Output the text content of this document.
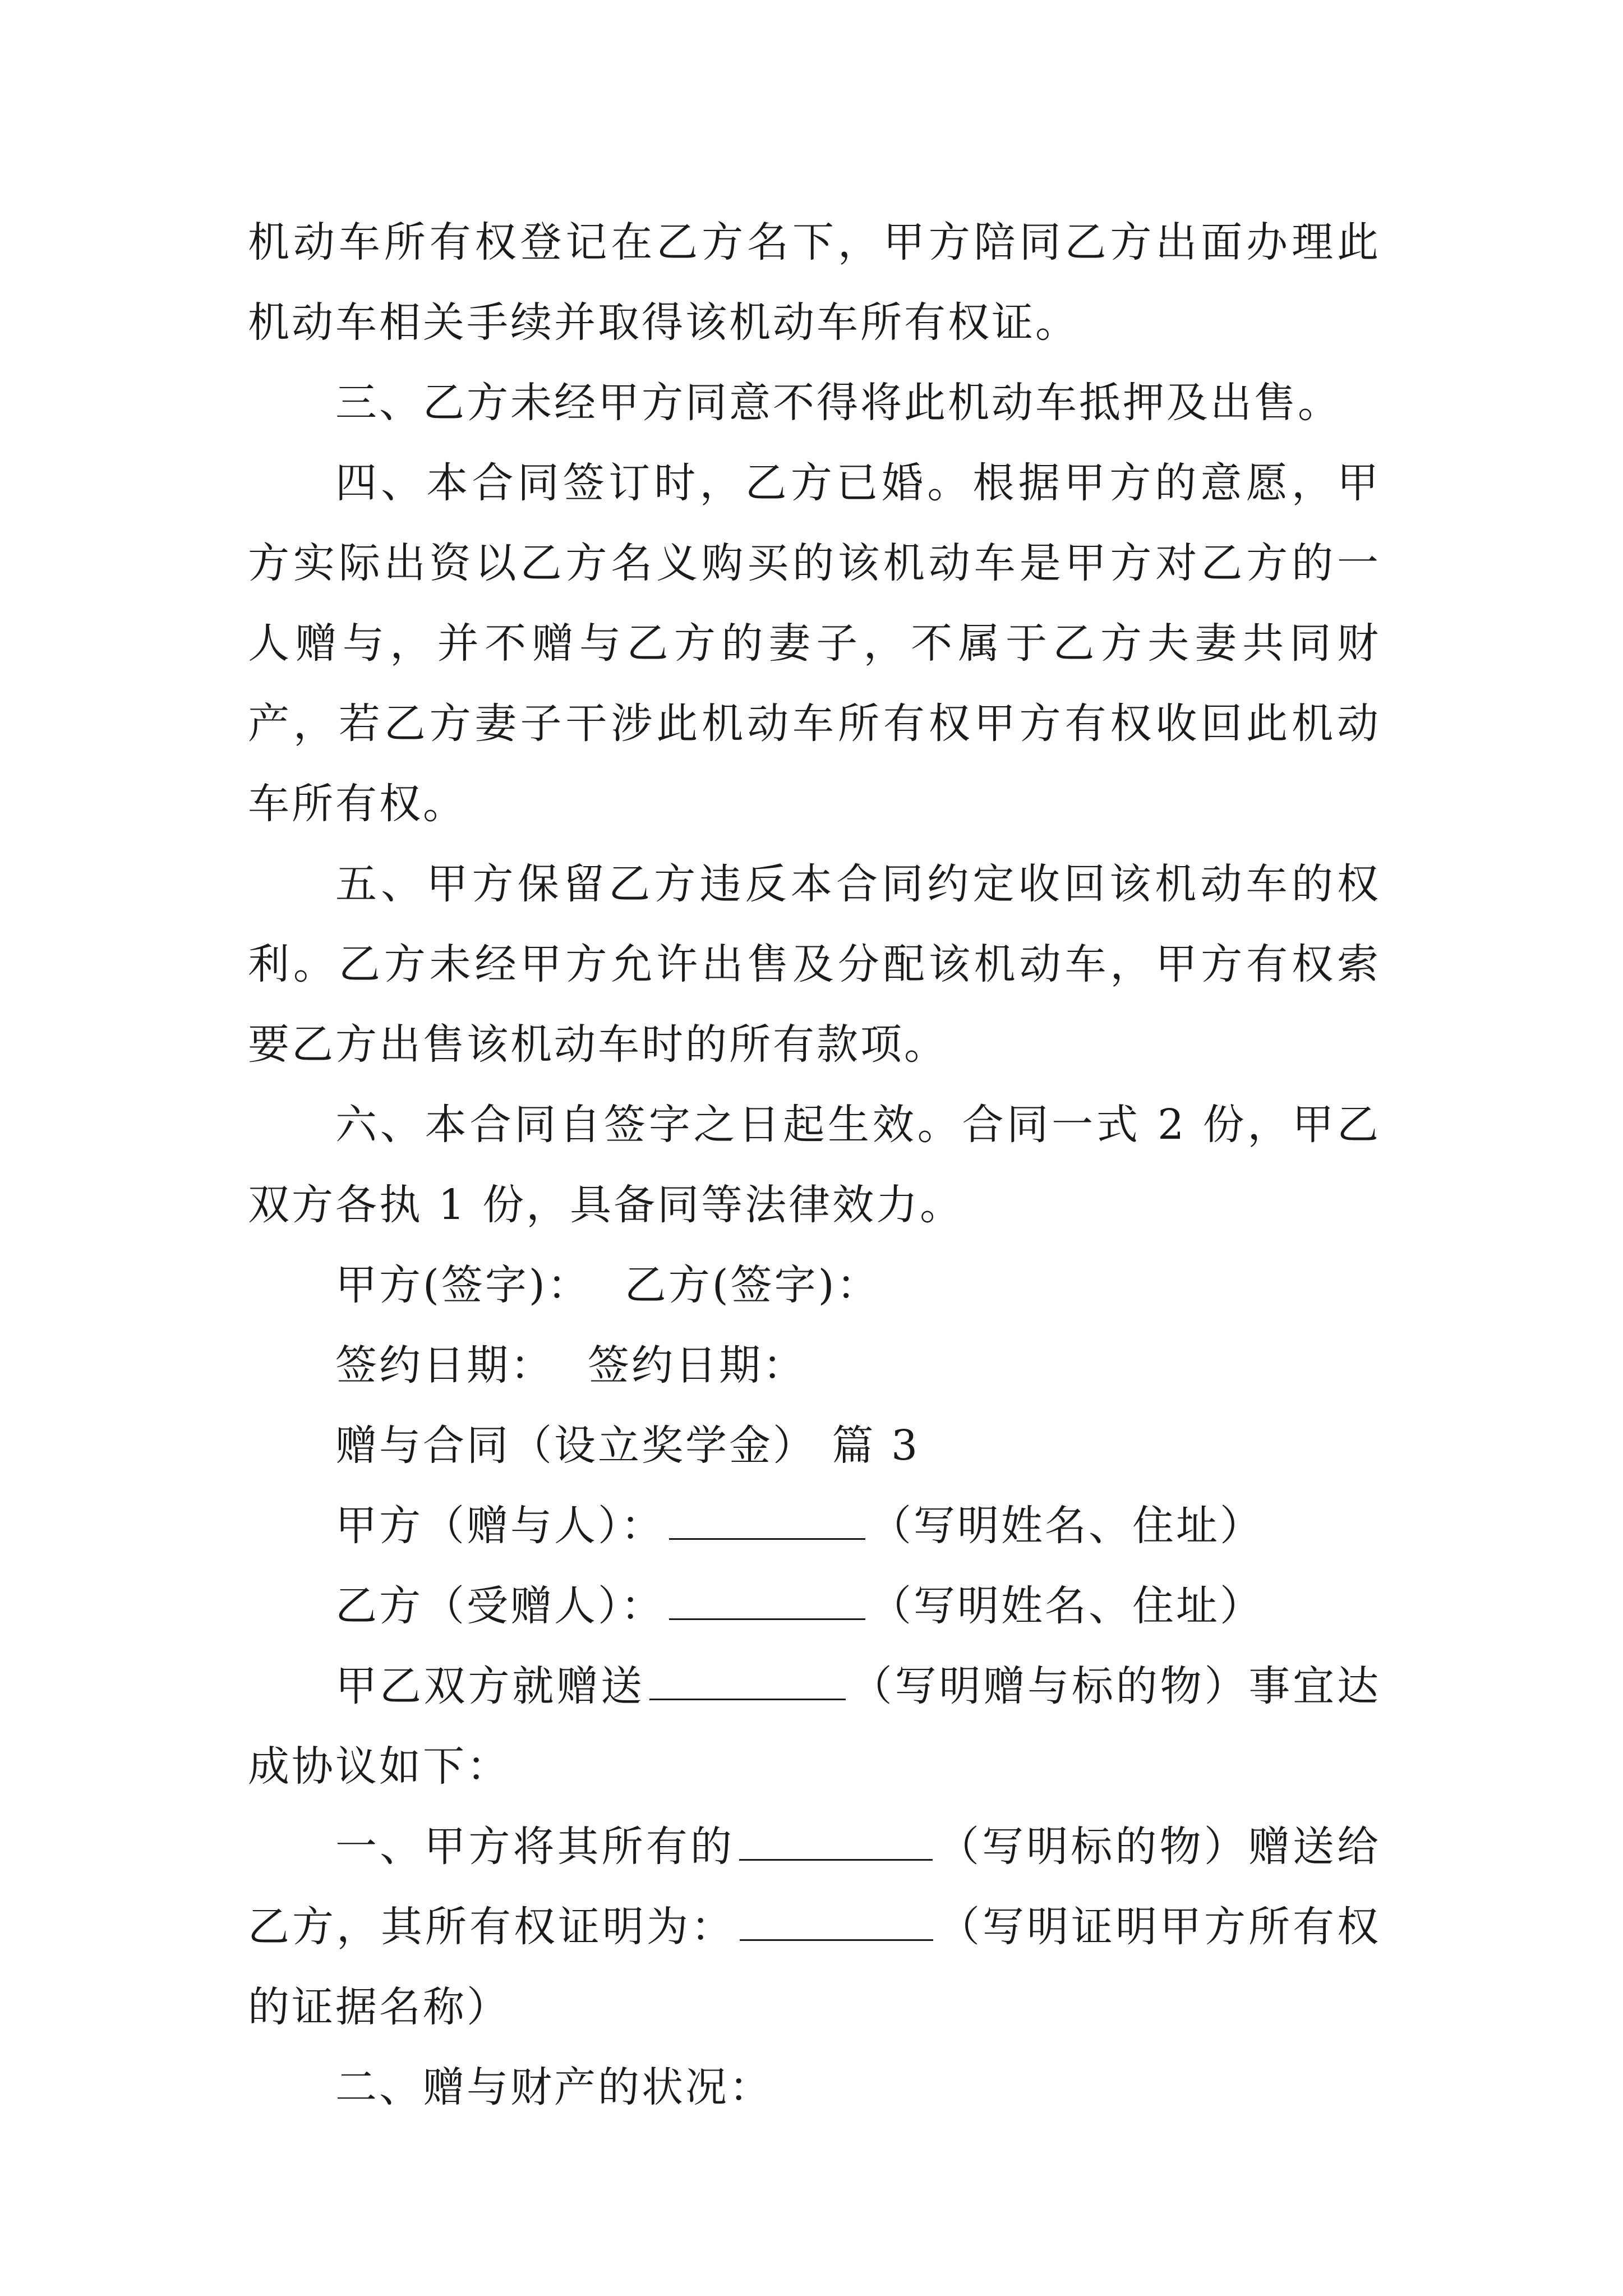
机动车所有权登记在乙方名下，甲方陪同乙方出面办理此机动车相关手续并取得该机动车所有权证。

三、乙方未经甲方同意不得将此机动车抵押及出售。

四、本合同签订时，乙方已婚。根据甲方的意愿，甲方实际出资以乙方名义购买的该机动车是甲方对乙方的一人赠与，并不赠与乙方的妻子，不属于乙方夫妻共同财产，若乙方妻子干涉此机动车所有权甲方有权收回此机动车所有权。

五、甲方保留乙方违反本合同约定收回该机动车的权利。乙方未经甲方允许出售及分配该机动车，甲方有权索要乙方出售该机动车时的所有款项。

六、本合同自签字之日起生效。合同一式 2 份，甲乙双方各执 1 份，具备同等法律效力。

甲方(签字)： 乙方(签字)：

签约日期： 签约日期：

赠与合同（设立奖学金） 篇 3

甲方（赠与人）：	（写明姓名、住址）

乙方（受赠人）：	（写明姓名、住址）

甲乙双方就赠送	（写明赠与标的物）事宜达成协议如下：

一、甲方将其所有的	（写明标的物）赠送给乙方，其所有权证明为：	（写明证明甲方所有权的证据名称）

二、赠与财产的状况：
